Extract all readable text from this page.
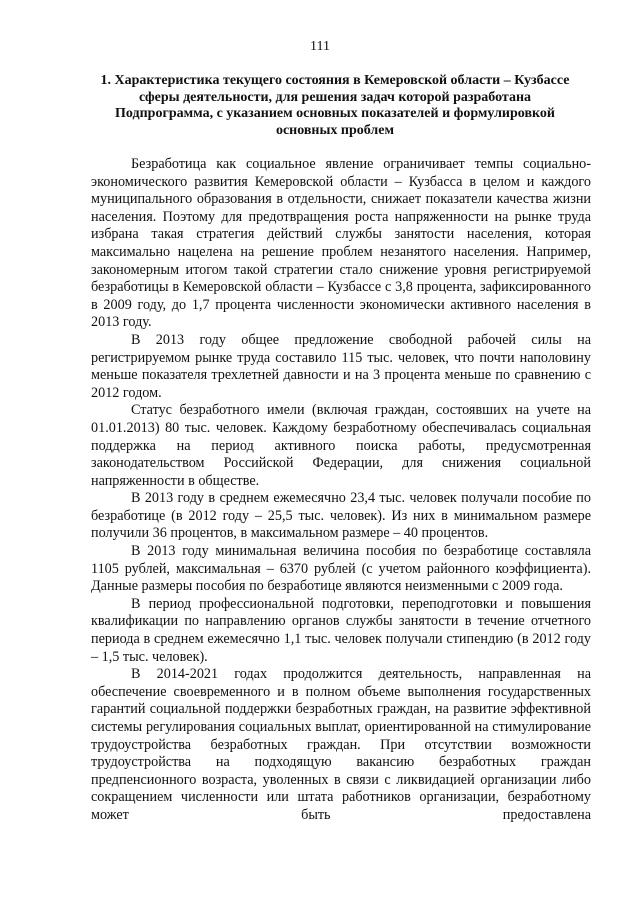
111
1. Характеристика текущего состояния в Кемеровской области – Кузбассе сферы деятельности, для решения задач которой разработана Подпрограмма, с указанием основных показателей и формулировкой основных проблем

Безработица как социальное явление ограничивает темпы социально-экономического развития Кемеровской области – Кузбасса в целом и каждого муниципального образования в отдельности, снижает показатели качества жизни населения. Поэтому для предотвращения роста напряженности на рынке труда избрана такая стратегия действий службы занятости населения, которая максимально нацелена на решение проблем незанятого населения. Например, закономерным итогом такой стратегии стало снижение уровня регистрируемой безработицы в Кемеровской области – Кузбассе с 3,8 процента, зафиксированного в 2009 году, до 1,7 процента численности экономически активного населения в 2013 году.

В 2013 году общее предложение свободной рабочей силы на регистрируемом рынке труда составило 115 тыс. человек, что почти наполовину меньше показателя трехлетней давности и на 3 процента меньше по сравнению с 2012 годом.

Статус безработного имели (включая граждан, состоявших на учете на 01.01.2013) 80 тыс. человек. Каждому безработному обеспечивалась социальная поддержка на период активного поиска работы, предусмотренная законодательством Российской Федерации, для снижения социальной напряженности в обществе.

В 2013 году в среднем ежемесячно 23,4 тыс. человек получали пособие по безработице (в 2012 году – 25,5 тыс. человек). Из них в минимальном размере получили 36 процентов, в максимальном размере – 40 процентов.

В 2013 году минимальная величина пособия по безработице составляла 1105 рублей, максимальная – 6370 рублей (с учетом районного коэффициента). Данные размеры пособия по безработице являются неизменными с 2009 года.

В период профессиональной подготовки, переподготовки и повышения квалификации по направлению органов службы занятости в течение отчетного периода в среднем ежемесячно 1,1 тыс. человек получали стипендию (в 2012 году – 1,5 тыс. человек).

В 2014-2021 годах продолжится деятельность, направленная на обеспечение своевременного и в полном объеме выполнения государственных гарантий социальной поддержки безработных граждан, на развитие эффективной системы регулирования социальных выплат, ориентированной на стимулирование трудоустройства безработных граждан. При отсутствии возможности трудоустройства на подходящую вакансию безработных граждан предпенсионного возраста, уволенных в связи с ликвидацией организации либо сокращением численности или штата работников организации, безработному может быть предоставлена
